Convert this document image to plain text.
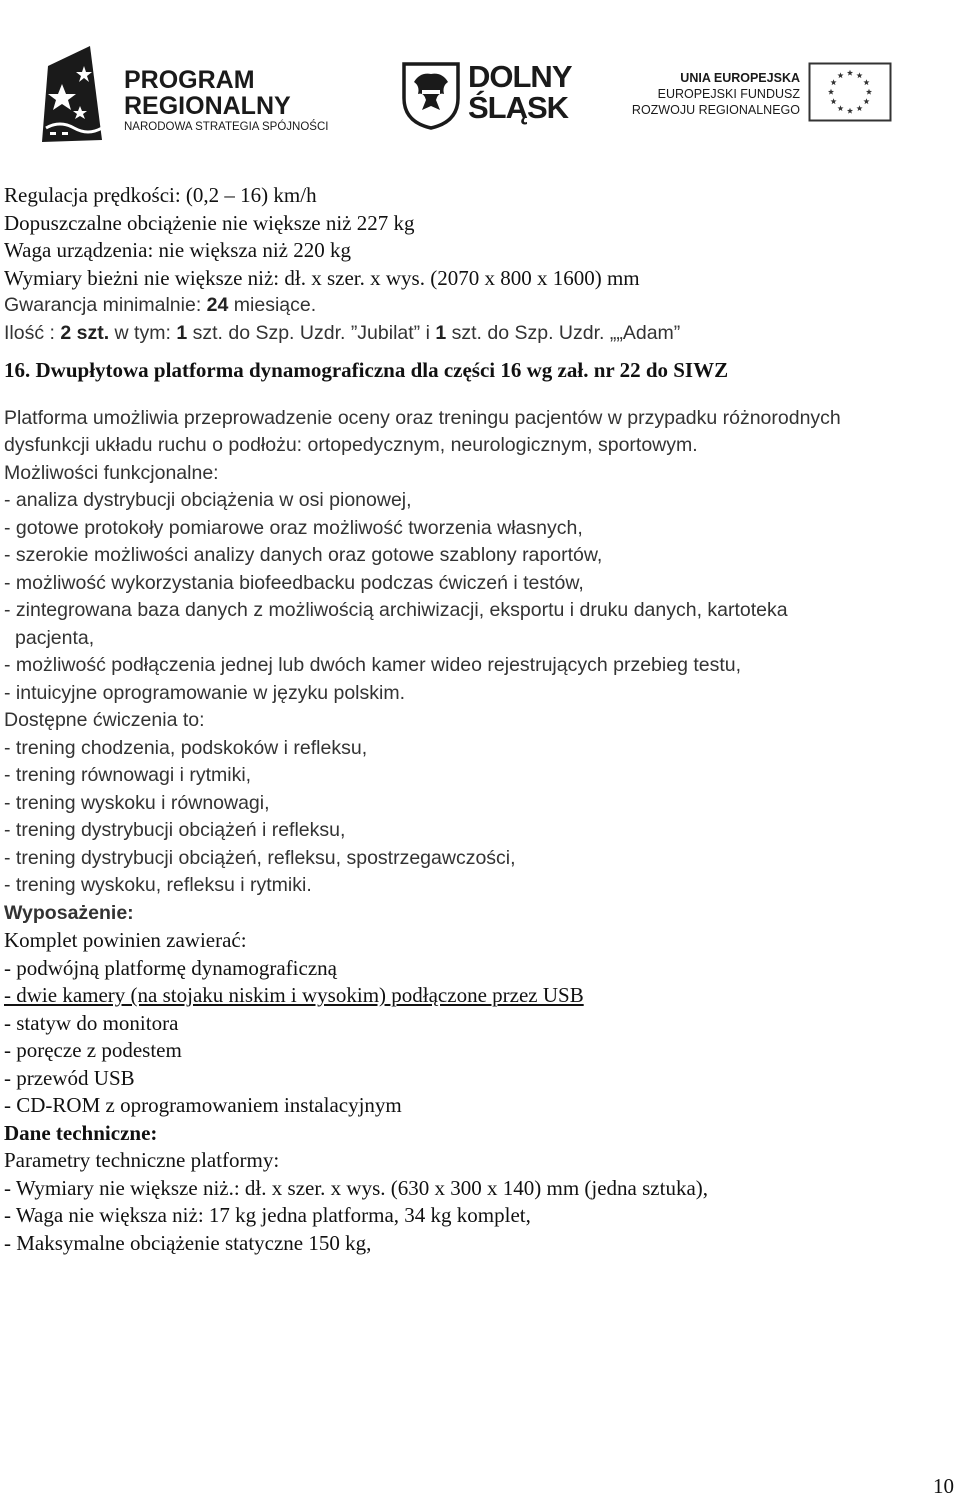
PROGRAM
REGIONALNY
NARODOWA STRATEGIA SPÓJNOŚCI
DOLNY
ŚLĄSK
UNIA EUROPEJSKA
EUROPEJSKI FUNDUSZ
ROZWOJU REGIONALNEGO
Regulacja prędkości: (0,2 – 16) km/h
Dopuszczalne obciążenie nie większe niż 227 kg
Waga urządzenia: nie większa niż 220 kg
Wymiary bieżni nie większe niż: dł. x szer. x wys. (2070 x 800 x 1600) mm
Gwarancja minimalnie: 24 miesiące.
Ilość : 2 szt. w tym: 1 szt. do Szp. Uzdr. ”Jubilat” i 1 szt. do Szp. Uzdr. „„Adam”
16. Dwupłytowa platforma dynamograficzna dla części 16 wg zał. nr 22 do SIWZ
Platforma umożliwia przeprowadzenie oceny oraz treningu pacjentów w przypadku różnorodnych
dysfunkcji układu ruchu o podłożu: ortopedycznym, neurologicznym, sportowym.
Możliwości funkcjonalne:
- analiza dystrybucji obciążenia w osi pionowej,
- gotowe protokoły pomiarowe oraz możliwość tworzenia własnych,
- szerokie możliwości analizy danych oraz gotowe szablony raportów,
- możliwość wykorzystania biofeedbacku podczas ćwiczeń i testów,
- zintegrowana baza danych z możliwością archiwizacji, eksportu i druku danych, kartoteka
pacjenta,
- możliwość podłączenia jednej lub dwóch kamer wideo rejestrujących przebieg testu,
- intuicyjne oprogramowanie w języku polskim.
Dostępne ćwiczenia to:
- trening chodzenia, podskoków i refleksu,
- trening równowagi i rytmiki,
- trening wyskoku i równowagi,
- trening dystrybucji obciążeń i refleksu,
- trening dystrybucji obciążeń, refleksu, spostrzegawczości,
- trening wyskoku, refleksu i rytmiki.
Wyposażenie:
Komplet powinien zawierać:
- podwójną platformę dynamograficzną
- dwie kamery (na stojaku niskim i wysokim) podłączone przez USB
- statyw do monitora
- poręcze z podestem
- przewód USB
- CD-ROM z oprogramowaniem instalacyjnym
Dane techniczne:
Parametry techniczne platformy:
- Wymiary nie większe niż.: dł. x szer. x wys. (630 x 300 x 140) mm (jedna sztuka),
- Waga nie większa niż: 17 kg jedna platforma, 34 kg komplet,
- Maksymalne obciążenie statyczne 150 kg,
10
